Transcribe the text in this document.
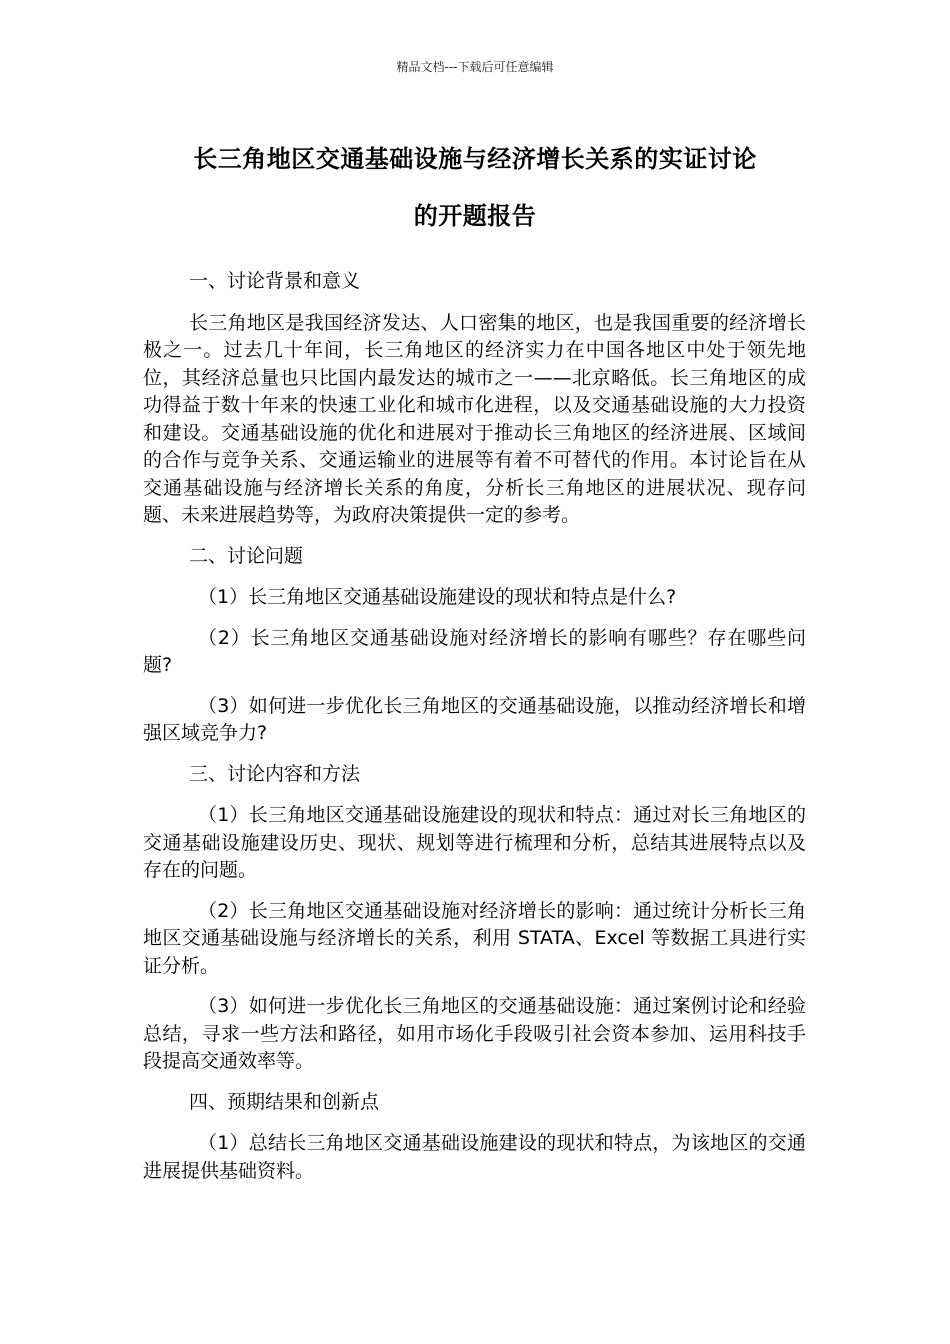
精品文档---下载后可任意编辑
长三角地区交通基础设施与经济增长关系的实证讨论
的开题报告

一、讨论背景和意义

长三角地区是我国经济发达、人口密集的地区，也是我国重要的经济增长极之一。过去几十年间，长三角地区的经济实力在中国各地区中处于领先地位，其经济总量也只比国内最发达的城市之一——北京略低。长三角地区的成功得益于数十年来的快速工业化和城市化进程，以及交通基础设施的大力投资和建设。交通基础设施的优化和进展对于推动长三角地区的经济进展、区域间的合作与竞争关系、交通运输业的进展等有着不可替代的作用。本讨论旨在从交通基础设施与经济增长关系的角度，分析长三角地区的进展状况、现存问题、未来进展趋势等，为政府决策提供一定的参考。

二、讨论问题

（1）长三角地区交通基础设施建设的现状和特点是什么?

（2）长三角地区交通基础设施对经济增长的影响有哪些？存在哪些问题?

（3）如何进一步优化长三角地区的交通基础设施，以推动经济增长和增强区域竞争力?

三、讨论内容和方法

（1）长三角地区交通基础设施建设的现状和特点：通过对长三角地区的交通基础设施建设历史、现状、规划等进行梳理和分析，总结其进展特点以及存在的问题。

（2）长三角地区交通基础设施对经济增长的影响：通过统计分析长三角地区交通基础设施与经济增长的关系，利用 STATA、Excel 等数据工具进行实证分析。

（3）如何进一步优化长三角地区的交通基础设施：通过案例讨论和经验总结，寻求一些方法和路径，如用市场化手段吸引社会资本参加、运用科技手段提高交通效率等。

四、预期结果和创新点

（1）总结长三角地区交通基础设施建设的现状和特点，为该地区的交通进展提供基础资料。
